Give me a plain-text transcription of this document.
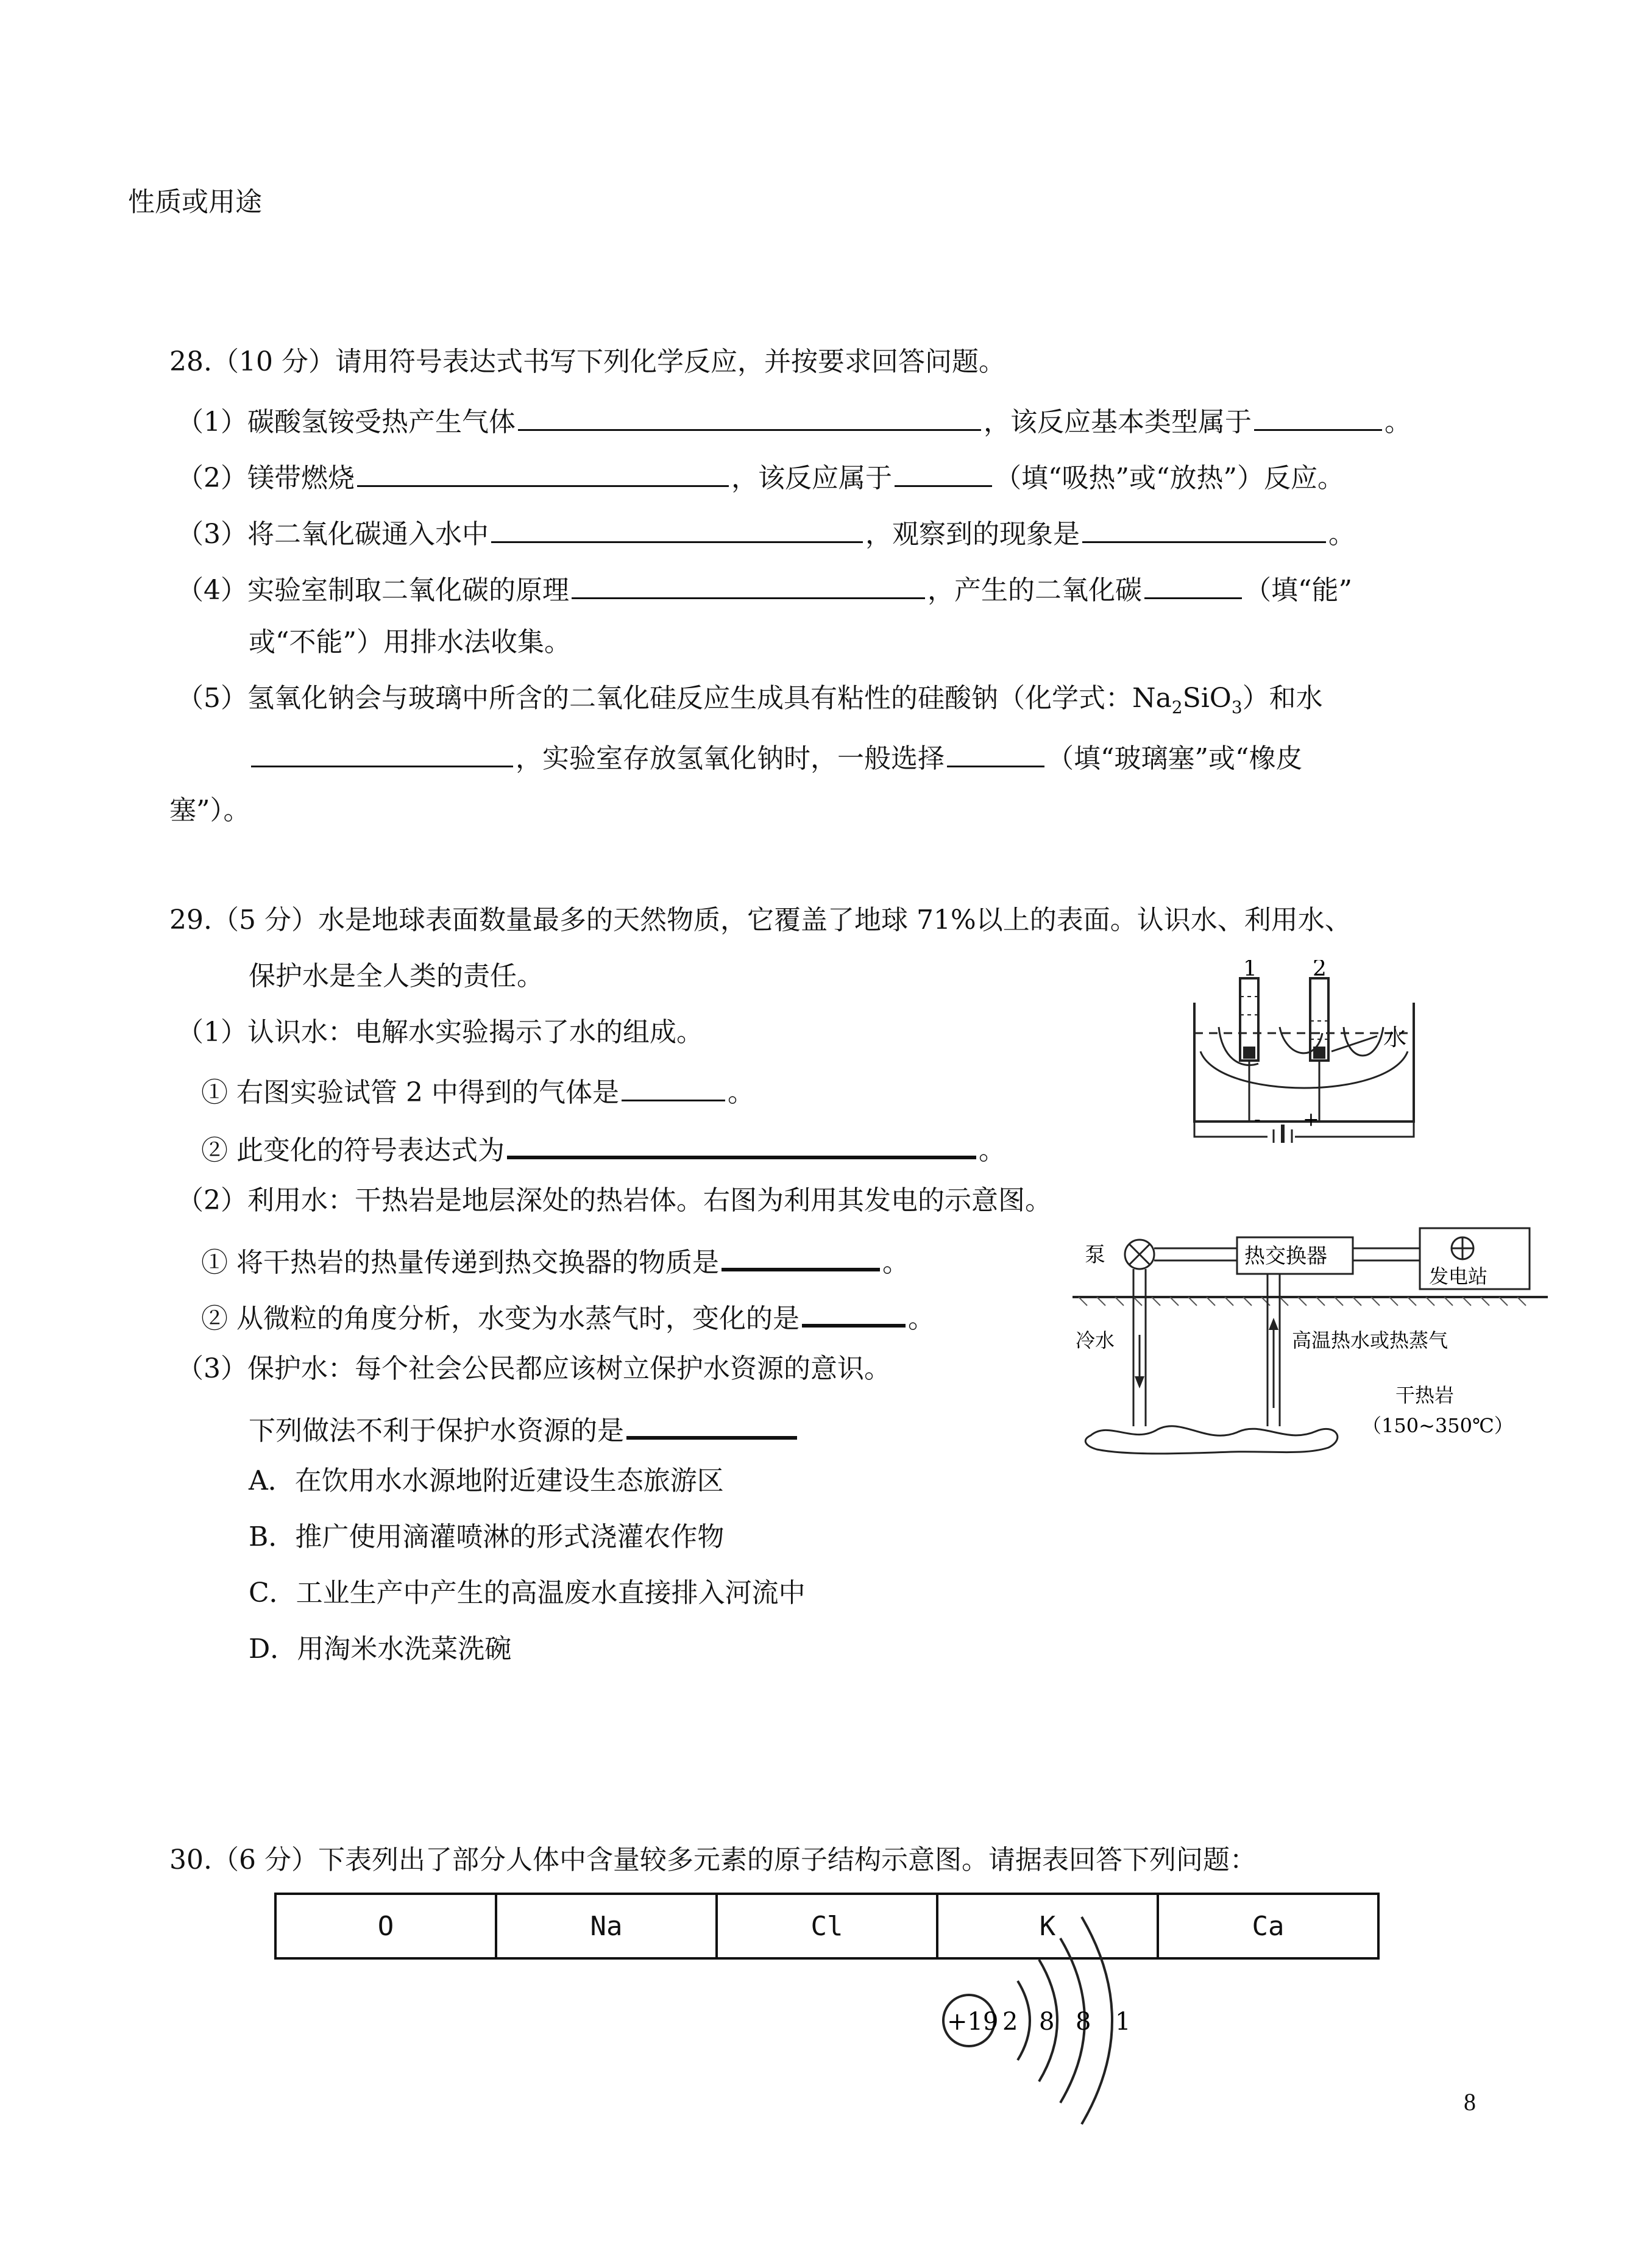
性质或用途
28.（10 分）请用符号表达式书写下列化学反应，并按要求回答问题。
（1）碳酸氢铵受热产生气体	，该反应基本类型属于	。
（2）镁带燃烧	，该反应属于	（填“吸热”或“放热”）反应。
（3）将二氧化碳通入水中	，观察到的现象是	。
（4）实验室制取二氧化碳的原理	，产生的二氧化碳	（填“能”
或“不能”）用排水法收集。
（5）氢氧化钠会与玻璃中所含的二氧化硅反应生成具有粘性的硅酸钠（化学式：$Na_2SiO_3$）和水
，实验室存放氢氧化钠时，一般选择	（填“玻璃塞”或“橡皮
塞”）。
29.（5 分）水是地球表面数量最多的天然物质，它覆盖了地球 71%以上的表面。认识水、利用水、
保护水是全人类的责任。
（1）认识水：电解水实验揭示了水的组成。
① 右图实验试管 2 中得到的气体是	。
② 此变化的符号表达式为	。
（2）利用水：干热岩是地层深处的热岩体。右图为利用其发电的示意图。
① 将干热岩的热量传递到热交换器的物质是	。
② 从微粒的角度分析，水变为水蒸气时，变化的是	。
（3）保护水：每个社会公民都应该树立保护水资源的意识。
下列做法不利于保护水资源的是
A．在饮用水水源地附近建设生态旅游区
B．推广使用滴灌喷淋的形式浇灌农作物
C．工业生产中产生的高温废水直接排入河流中
D．用淘米水洗菜洗碗
1	2
水
- +
泵	热交换器
发电站
冷水	高温热水或热蒸气
干热岩
（150~350℃）
30.（6 分）下表列出了部分人体中含量较多元素的原子结构示意图。请据表回答下列问题：
O	Na	Cl	K	Ca
+19 2 8 8 1
8
